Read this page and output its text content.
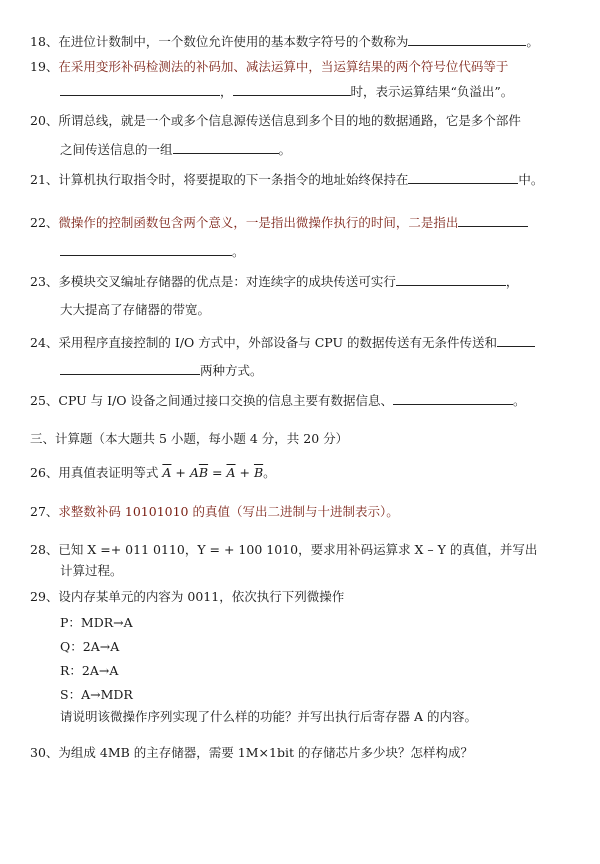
18、在进位计数制中，一个数位允许使用的基本数字符号的个数称为	。
19、在采用变形补码检测法的补码加、减法运算中，当运算结果的两个符号位代码等于
，	时，表示运算结果“负溢出”。
20、所谓总线，就是一个或多个信息源传送信息到多个目的地的数据通路，它是多个部件
之间传送信息的一组	。
21、计算机执行取指令时，将要提取的下一条指令的地址始终保持在	中。
22、微操作的控制函数包含两个意义，一是指出微操作执行的时间，二是指出
。
23、多模块交叉编址存储器的优点是：对连续字的成块传送可实行	，
大大提高了存储器的带宽。
24、采用程序直接控制的 I/O 方式中，外部设备与 CPU 的数据传送有无条件传送和
两种方式。
25、CPU 与 I/O 设备之间通过接口交换的信息主要有数据信息、	。
三、计算题（本大题共 5 小题，每小题 4 分，共 20 分）
26、用真值表证明等式 $\overline{A} + A\overline{B} = \overline{A} + \overline{B}$。
27、求整数补码 10101010 的真值（写出二进制与十进制表示）。
28、已知 X =+ 011 0110，Y = + 100 1010，要求用补码运算求 X – Y 的真值，并写出
计算过程。
29、设内存某单元的内容为 0011，依次执行下列微操作
P：MDR→A
Q：2A→A
R：2A→A
S：A→MDR
请说明该微操作序列实现了什么样的功能？并写出执行后寄存器 A 的内容。
30、为组成 4MB 的主存储器，需要 1M×1bit 的存储芯片多少块？怎样构成？
